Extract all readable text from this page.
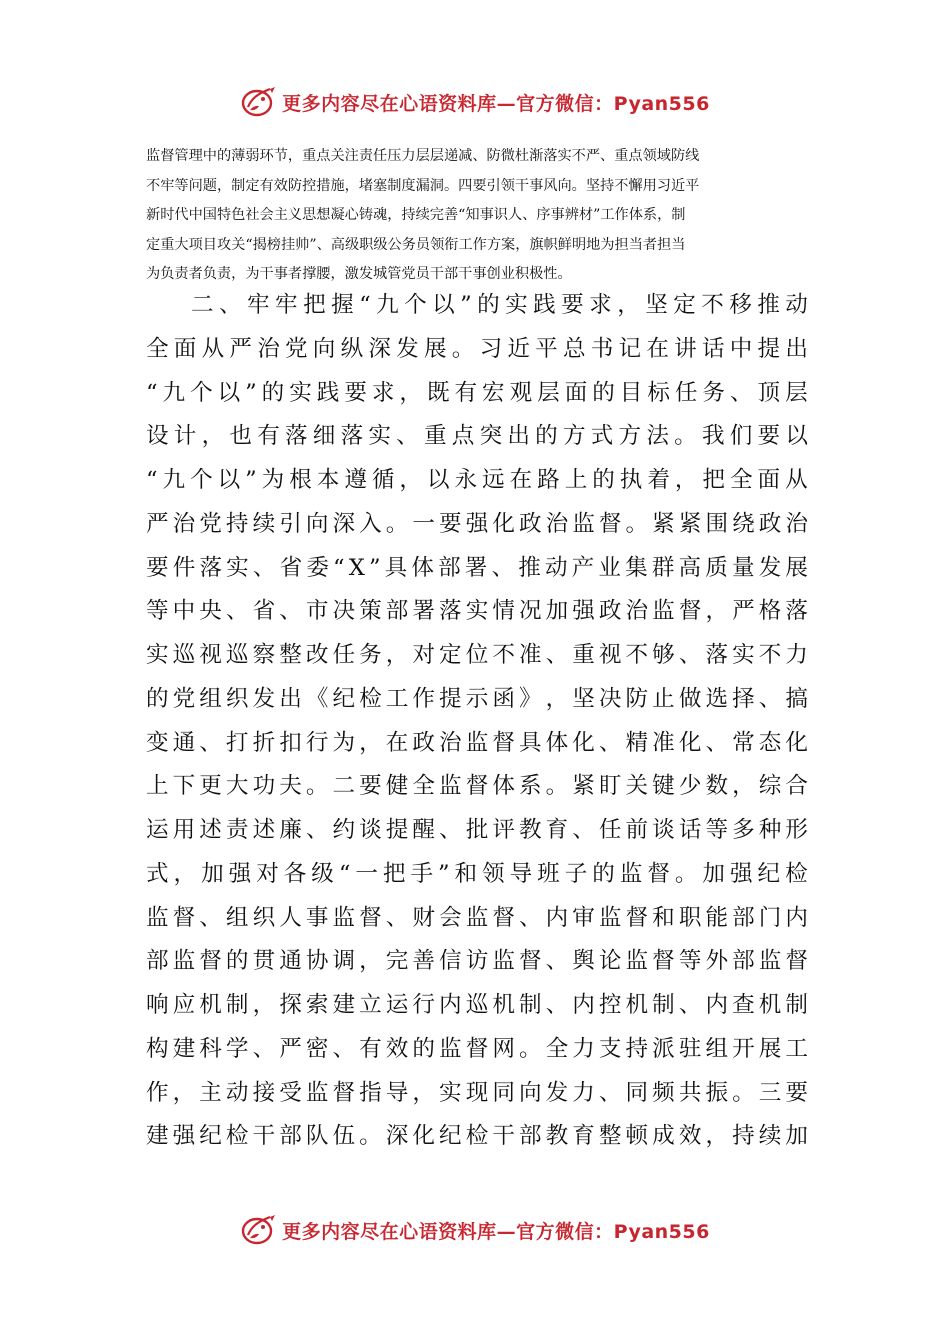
更多内容尽在心语资料库—官方微信：Pyan556
监督管理中的薄弱环节，重点关注责任压力层层递减、防微杜渐落实不严、重点领域防线
不牢等问题，制定有效防控措施，堵塞制度漏洞。四要引领干事风向。坚持不懈用习近平
新时代中国特色社会主义思想凝心铸魂，持续完善“知事识人、序事辨材”工作体系，制
定重大项目攻关“揭榜挂帅”、高级职级公务员领衔工作方案，旗帜鲜明地为担当者担当
为负责者负责，为干事者撑腰，激发城管党员干部干事创业积极性。
二 、 牢 牢 把 握 “ 九 个 以 ” 的 实 践 要 求 ， 坚 定 不 移 推 动
全 面 从 严 治 党 向 纵 深 发 展 。 习 近 平 总 书 记 在 讲 话 中 提 出
“ 九 个 以 ” 的 实 践 要 求 ， 既 有 宏 观 层 面 的 目 标 任 务 、 顶 层
设 计 ， 也 有 落 细 落 实 、 重 点 突 出 的 方 式 方 法 。 我 们 要 以
“ 九 个 以 ” 为 根 本 遵 循 ， 以 永 远 在 路 上 的 执 着 ， 把 全 面 从
严 治 党 持 续 引 向 深 入 。 一 要 强 化 政 治 监 督 。 紧 紧 围 绕 政 治
要 件 落 实 、 省 委 “ X ” 具 体 部 署 、 推 动 产 业 集 群 高 质 量 发 展
等 中 央 、 省 、 市 决 策 部 署 落 实 情 况 加 强 政 治 监 督 ， 严 格 落
实 巡 视 巡 察 整 改 任 务 ， 对 定 位 不 准 、 重 视 不 够 、 落 实 不 力
的 党 组 织 发 出 《 纪 检 工 作 提 示 函 》 ， 坚 决 防 止 做 选 择 、 搞
变 通 、 打 折 扣 行 为 ， 在 政 治 监 督 具 体 化 、 精 准 化 、 常 态 化
上 下 更 大 功 夫 。 二 要 健 全 监 督 体 系 。 紧 盯 关 键 少 数 ， 综 合
运 用 述 责 述 廉 、 约 谈 提 醒 、 批 评 教 育 、 任 前 谈 话 等 多 种 形
式 ， 加 强 对 各 级 “ 一 把 手 ” 和 领 导 班 子 的 监 督 。 加 强 纪 检
监 督 、 组 织 人 事 监 督 、 财 会 监 督 、 内 审 监 督 和 职 能 部 门 内
部 监 督 的 贯 通 协 调 ， 完 善 信 访 监 督 、 舆 论 监 督 等 外 部 监 督
响 应 机 制 ， 探 索 建 立 运 行 内 巡 机 制 、 内 控 机 制 、 内 查 机 制
构 建 科 学 、 严 密 、 有 效 的 监 督 网 。 全 力 支 持 派 驻 组 开 展 工
作 ， 主 动 接 受 监 督 指 导 ， 实 现 同 向 发 力 、 同 频 共 振 。 三 要
建 强 纪 检 干 部 队 伍 。 深 化 纪 检 干 部 教 育 整 顿 成 效 ， 持 续 加
更多内容尽在心语资料库—官方微信：Pyan556
